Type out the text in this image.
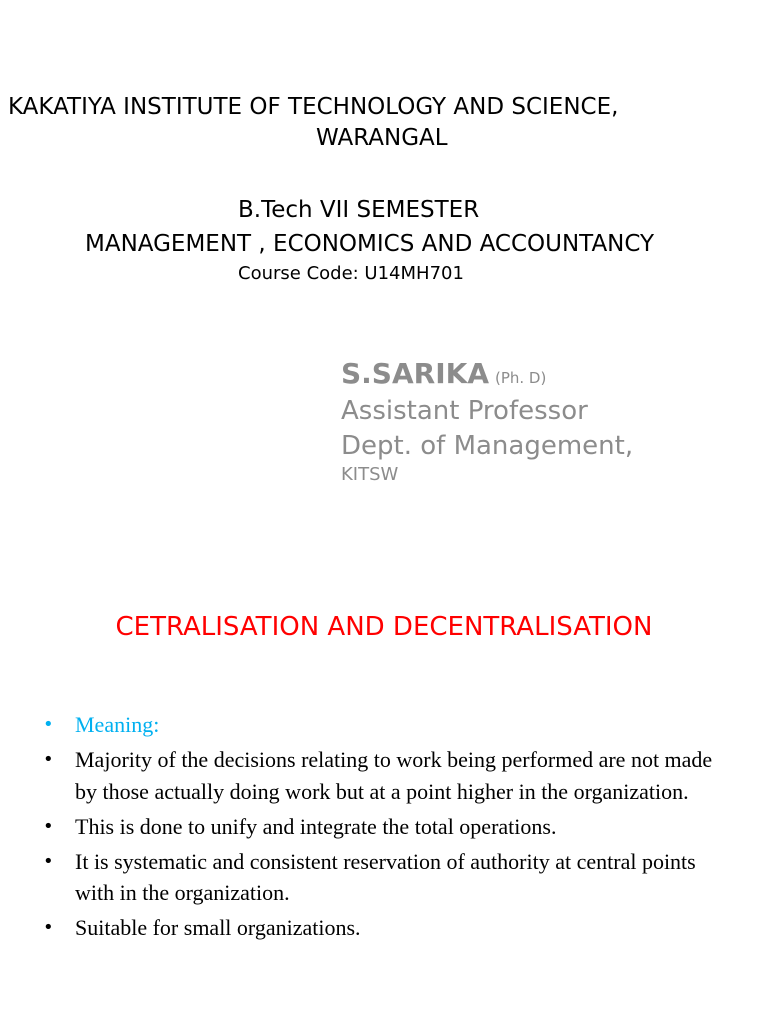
KAKATIYA INSTITUTE OF TECHNOLOGY AND SCIENCE,
WARANGAL
B.Tech VII SEMESTER
MANAGEMENT , ECONOMICS AND ACCOUNTANCY
Course Code: U14MH701
S.SARIKA (Ph. D)
Assistant Professor
Dept. of Management,
KITSW
CETRALISATION AND DECENTRALISATION
• Meaning:
• Majority of the decisions relating to work being performed are not made by those actually doing work but at a point higher in the organization.
• This is done to unify and integrate the total operations.
• It is systematic and consistent reservation of authority at central points with in the organization.
• Suitable for small organizations.
